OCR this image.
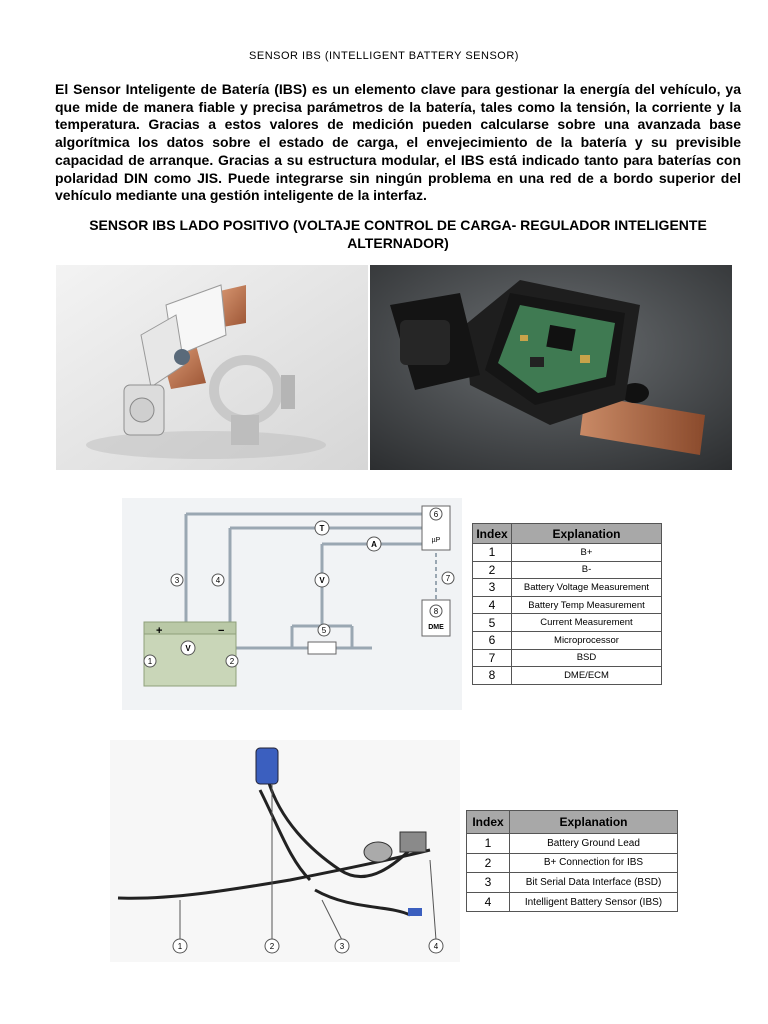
SENSOR IBS (INTELLIGENT BATTERY SENSOR)

El Sensor Inteligente de Batería (IBS) es un elemento clave para gestionar la energía del vehículo, ya que mide de manera fiable y precisa parámetros de la batería, tales como la tensión, la corriente y la temperatura. Gracias a estos valores de medición pueden calcularse sobre una avanzada base algorítmica los datos sobre el estado de carga, el envejecimiento de la batería y su previsible capacidad de arranque. Gracias a su estructura modular, el IBS está indicado tanto para baterías con polaridad DIN como JIS. Puede integrarse sin ningún problema en una red de a bordo superior del vehículo mediante una gestión inteligente de la interfaz.

SENSOR IBS LADO POSITIVO (VOLTAJE CONTROL DE CARGA- REGULADOR INTELIGENTE ALTERNADOR)
+	−
1	2
3	4
5
6
7
8
V
T
A
V
µP
DME
Index	Explanation
1	B+
2	B-
3	Battery Voltage Measurement
4	Battery Temp Measurement
5	Current Measurement
6	Microprocessor
7	BSD
8	DME/ECM
1	2	3	4
Index	Explanation
1	Battery Ground Lead
2	B+ Connection for IBS
3	Bit Serial Data Interface (BSD)
4	Intelligent Battery Sensor (IBS)
